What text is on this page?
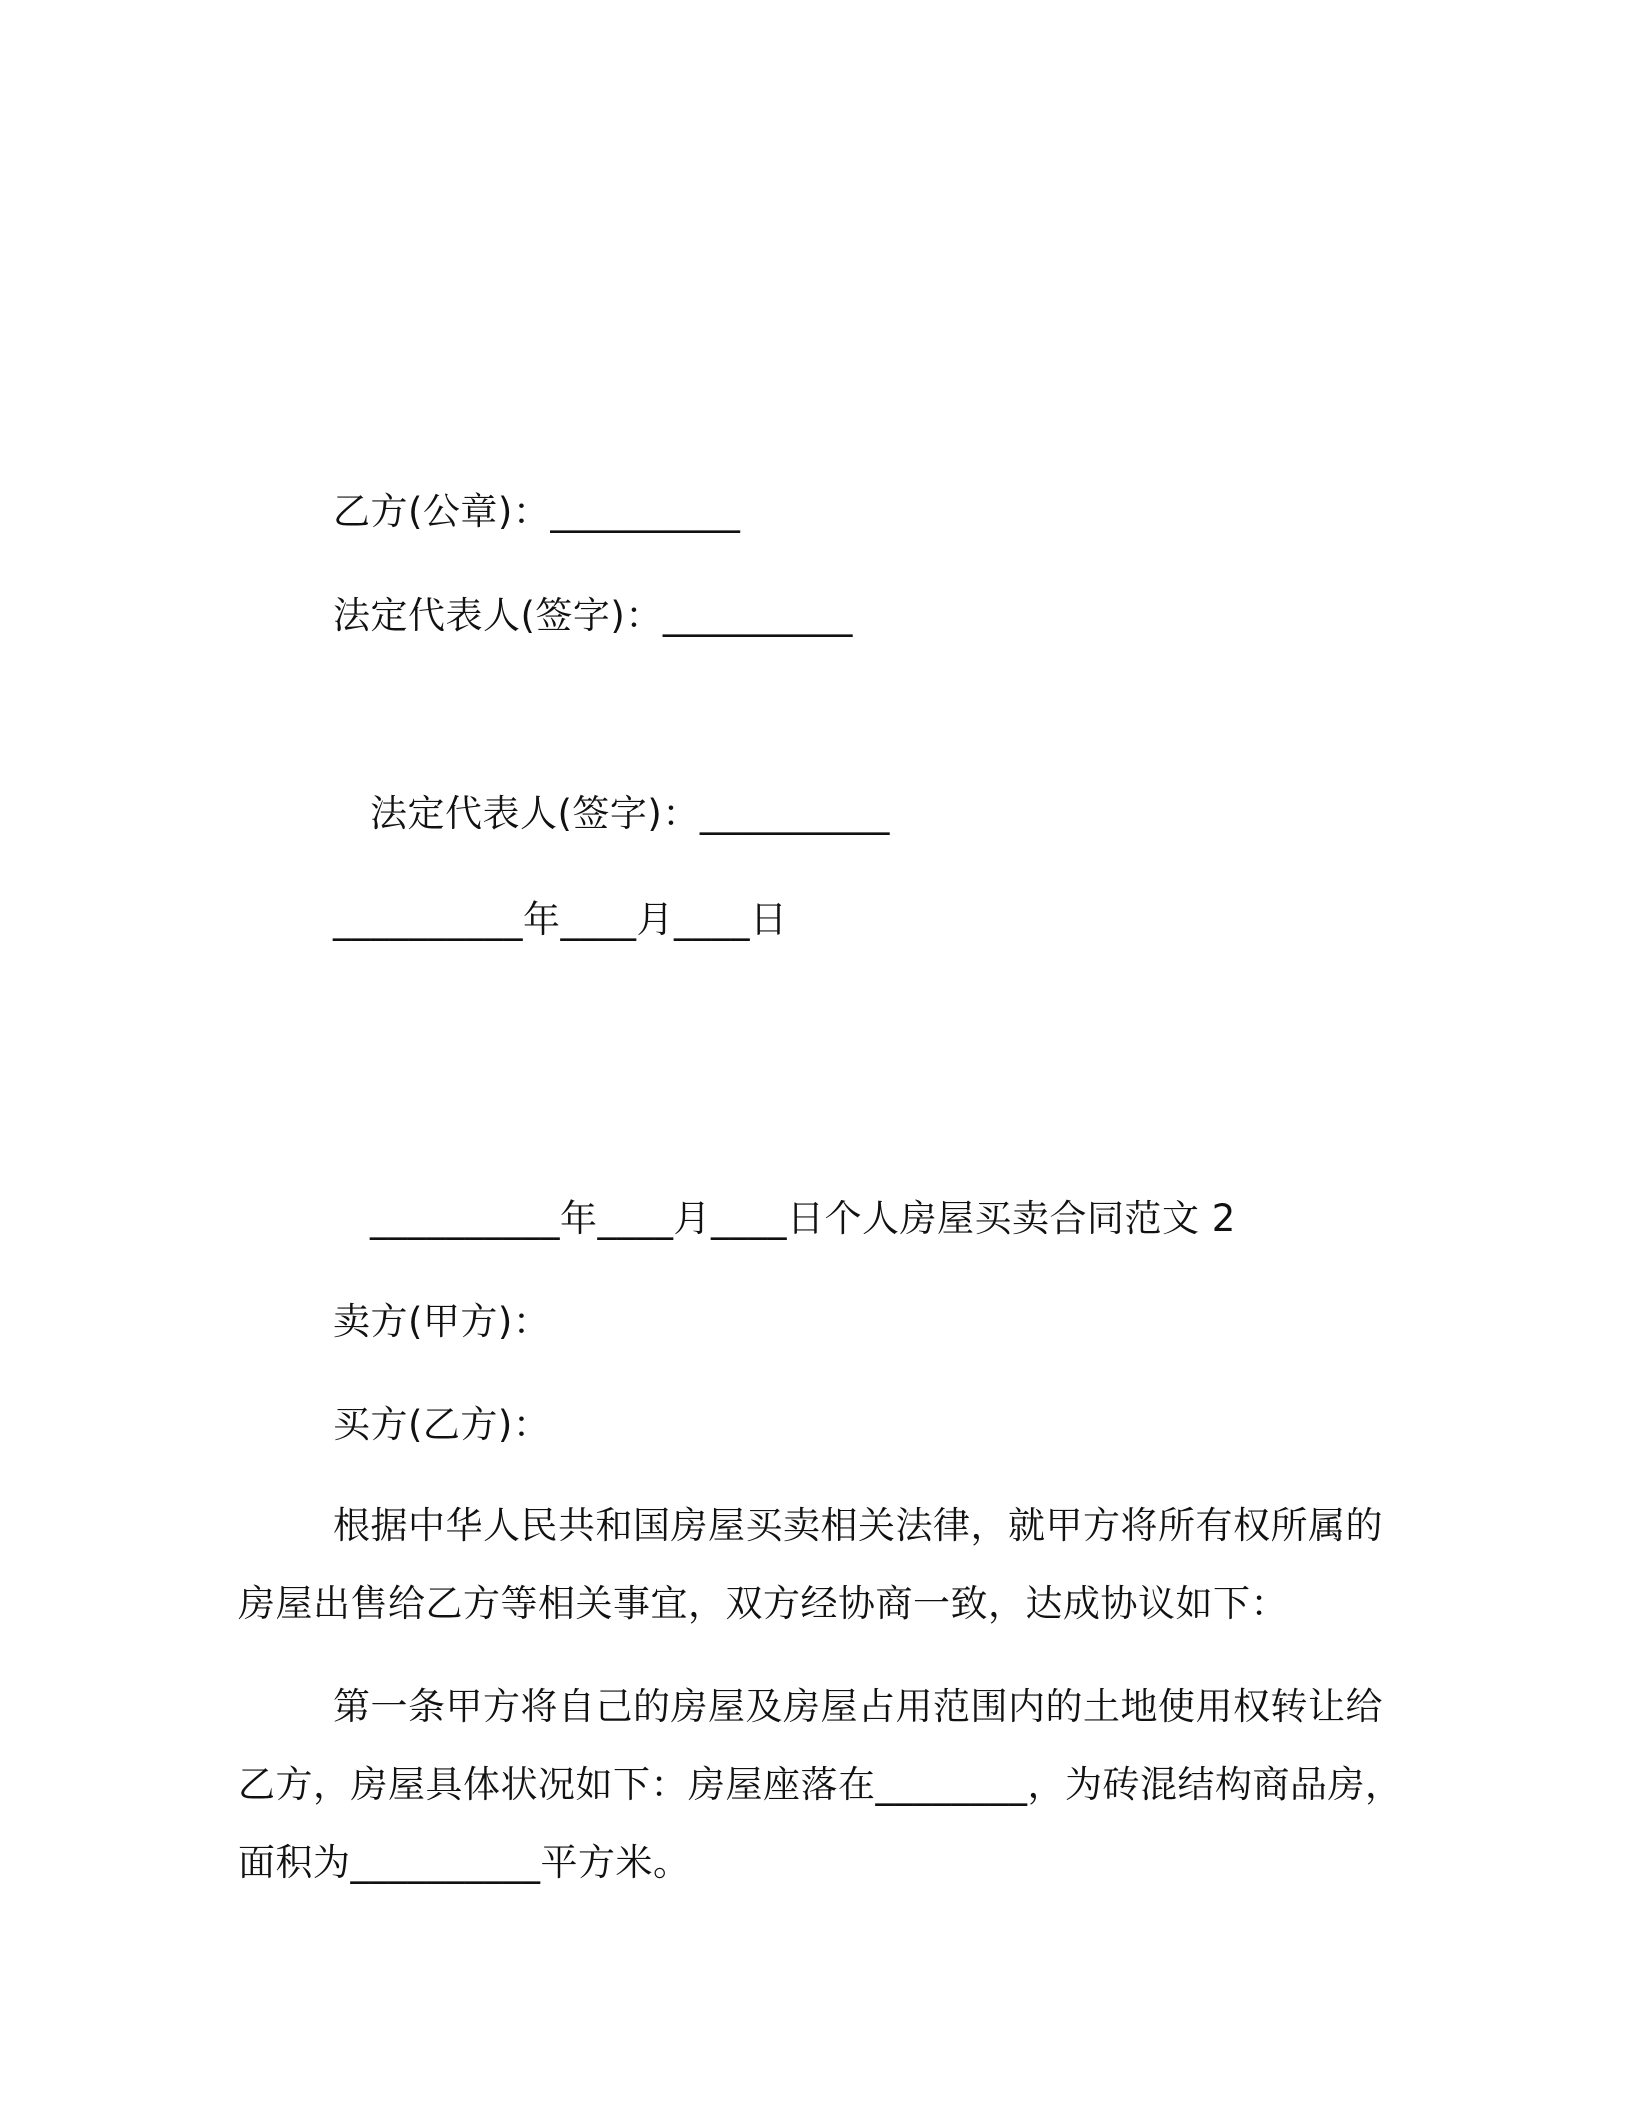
乙方(公章)：__________
法定代表人(签字)：__________
法定代表人(签字)：__________
__________年____月____日
__________年____月____日个人房屋买卖合同范文 2
卖方(甲方)：
买方(乙方)：
根据中华人民共和国房屋买卖相关法律，就甲方将所有权所属的
房屋出售给乙方等相关事宜，双方经协商一致，达成协议如下：
第一条甲方将自己的房屋及房屋占用范围内的土地使用权转让给
乙方，房屋具体状况如下：房屋座落在________，为砖混结构商品房，
面积为__________平方米。
